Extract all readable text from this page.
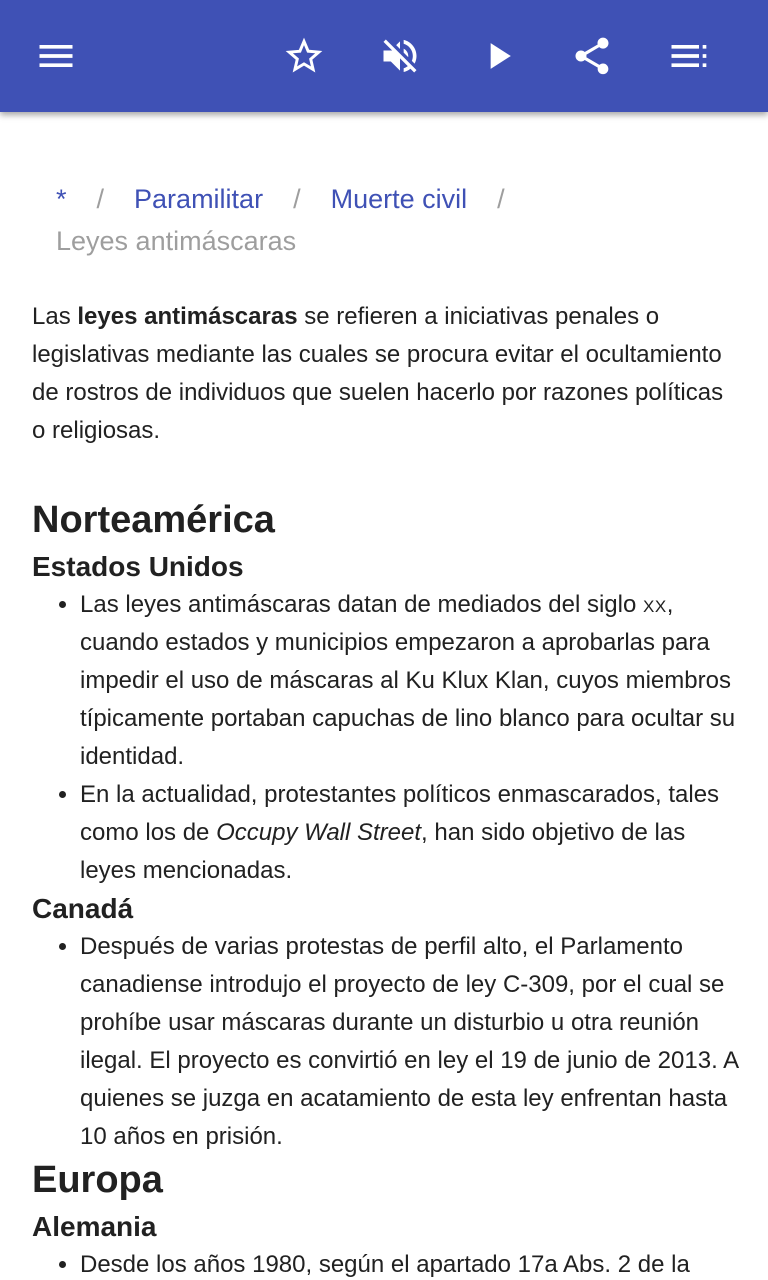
* / Paramilitar / Muerte civil /
Leyes antimáscaras

Las leyes antimáscaras se refieren a iniciativas penales o legislativas mediante las cuales se procura evitar el ocultamiento de rostros de individuos que suelen hacerlo por razones políticas o religiosas.

Norteamérica
Estados Unidos
• Las leyes antimáscaras datan de mediados del siglo xx, cuando estados y municipios empezaron a aprobarlas para impedir el uso de máscaras al Ku Klux Klan, cuyos miembros típicamente portaban capuchas de lino blanco para ocultar su identidad.
• En la actualidad, protestantes políticos enmascarados, tales como los de Occupy Wall Street, han sido objetivo de las leyes mencionadas.
Canadá
• Después de varias protestas de perfil alto, el Parlamento canadiense introdujo el proyecto de ley C-309, por el cual se prohíbe usar máscaras durante un disturbio u otra reunión ilegal. El proyecto es convirtió en ley el 19 de junio de 2013. A quienes se juzga en acatamiento de esta ley enfrentan hasta 10 años en prisión.
Europa
Alemania
• Desde los años 1980, según el apartado 17a Abs. 2 de la
